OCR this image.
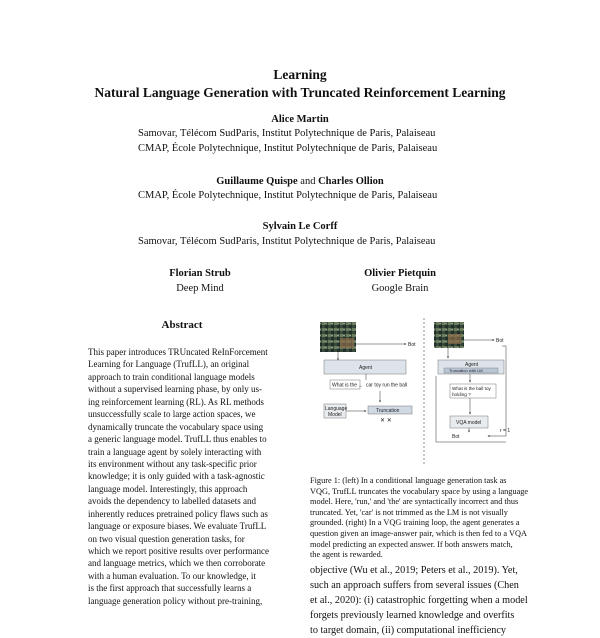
Learning
Natural Language Generation with Truncated Reinforcement Learning
Alice Martin
Samovar, Télécom SudParis, Institut Polytechnique de Paris, Palaiseau
CMAP, École Polytechnique, Institut Polytechnique de Paris, Palaiseau
Guillaume Quispe and Charles Ollion
CMAP, École Polytechnique, Institut Polytechnique de Paris, Palaiseau
Sylvain Le Corff
Samovar, Télécom SudParis, Institut Polytechnique de Paris, Palaiseau
Florian Strub
Deep Mind
Olivier Pietquin
Google Brain
Abstract
This paper introduces TRUncated ReInForcement
Learning for Language (TrufLL), an original
approach to train conditional language models
without a supervised learning phase, by only us-
ing reinforcement learning (RL). As RL methods
unsuccessfully scale to large action spaces, we
dynamically truncate the vocabulary space using
a generic language model. TrufLL thus enables to
train a language agent by solely interacting with
its environment without any task-specific prior
knowledge; it is only guided with a task-agnostic
language model. Interestingly, this approach
avoids the dependency to labelled datasets and
inherently reduces pretrained policy flaws such as
language or exposure biases. We evaluate TrufLL
on two visual question generation tasks, for
which we report positive results over performance
and language metrics, which we then corroborate
with a human evaluation. To our knowledge, it
is the first approach that successfully learns a
language generation policy without pre-training,
Bot
Agent
What is the ... car toy run the ball
Language
Model
Truncation
✕ ✕
Bot
Agent
Truncation with LM
What is the ball toy
holding ?
VQA model
Bot
r = 1
Figure 1: (left) In a conditional language generation task as
VQG, TrufLL truncates the vocabulary space by using a language
model. Here, 'run,' and 'the' are syntactically incorrect and thus
truncated. Yet, 'car' is not trimmed as the LM is not visually
grounded. (right) In a VQG training loop, the agent generates a
question given an image-answer pair, which is then fed to a VQA
model predicting an expected answer. If both answers match,
the agent is rewarded.
objective (Wu et al., 2019; Peters et al., 2019). Yet,
such an approach suffers from several issues (Chen
et al., 2020): (i) catastrophic forgetting when a model
forgets previously learned knowledge and overfits
to target domain, (ii) computational inefficiency
